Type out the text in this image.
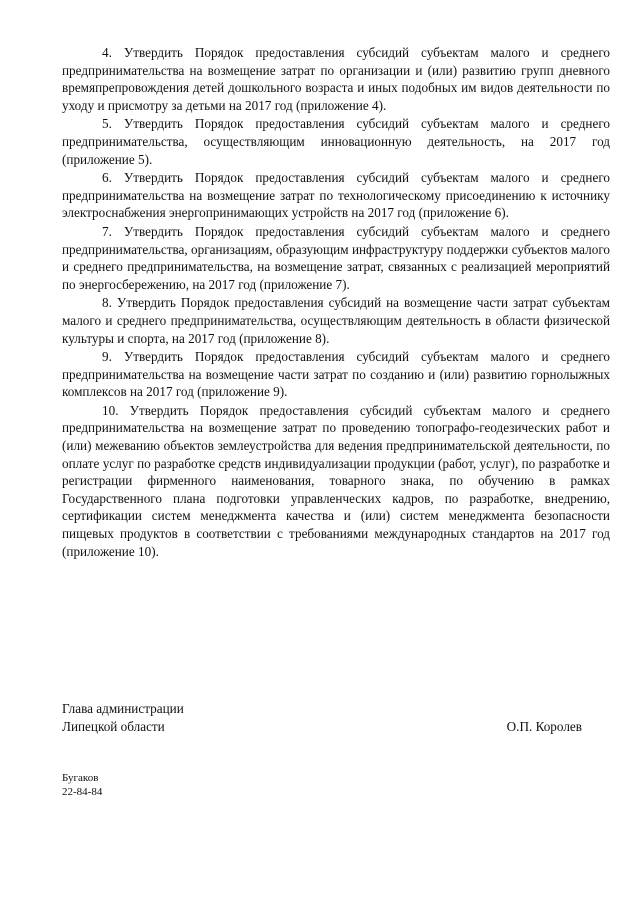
4. Утвердить Порядок предоставления субсидий субъектам малого и среднего предпринимательства на возмещение затрат по организации и (или) развитию групп дневного времяпрепровождения детей дошкольного возраста и иных подобных им видов деятельности по уходу и присмотру за детьми на 2017 год (приложение 4).

5. Утвердить Порядок предоставления субсидий субъектам малого и среднего предпринимательства, осуществляющим инновационную деятельность, на 2017 год (приложение 5).

6. Утвердить Порядок предоставления субсидий субъектам малого и среднего предпринимательства на возмещение затрат по технологическому присоединению к источнику электроснабжения энергопринимающих устройств на 2017 год (приложение 6).

7. Утвердить Порядок предоставления субсидий субъектам малого и среднего предпринимательства, организациям, образующим инфраструктуру поддержки субъектов малого и среднего предпринимательства, на возмещение затрат, связанных с реализацией мероприятий по энергосбережению, на 2017 год (приложение 7).

8. Утвердить Порядок предоставления субсидий на возмещение части затрат субъектам малого и среднего предпринимательства, осуществляющим деятельность в области физической культуры и спорта, на 2017 год (приложение 8).

9. Утвердить Порядок предоставления субсидий субъектам малого и среднего предпринимательства на возмещение части затрат по созданию и (или) развитию горнолыжных комплексов на 2017 год (приложение 9).

10. Утвердить Порядок предоставления субсидий субъектам малого и среднего предпринимательства на возмещение затрат по проведению топографо-геодезических работ и (или) межеванию объектов землеустройства для ведения предпринимательской деятельности, по оплате услуг по разработке средств индивидуализации продукции (работ, услуг), по разработке и регистрации фирменного наименования, товарного знака, по обучению в рамках Государственного плана подготовки управленческих кадров, по разработке, внедрению, сертификации систем менеджмента качества и (или) систем менеджмента безопасности пищевых продуктов в соответствии с требованиями международных стандартов на 2017 год (приложение 10).

Глава администрации
Липецкой области	О.П. Королев
Бугаков
22-84-84
